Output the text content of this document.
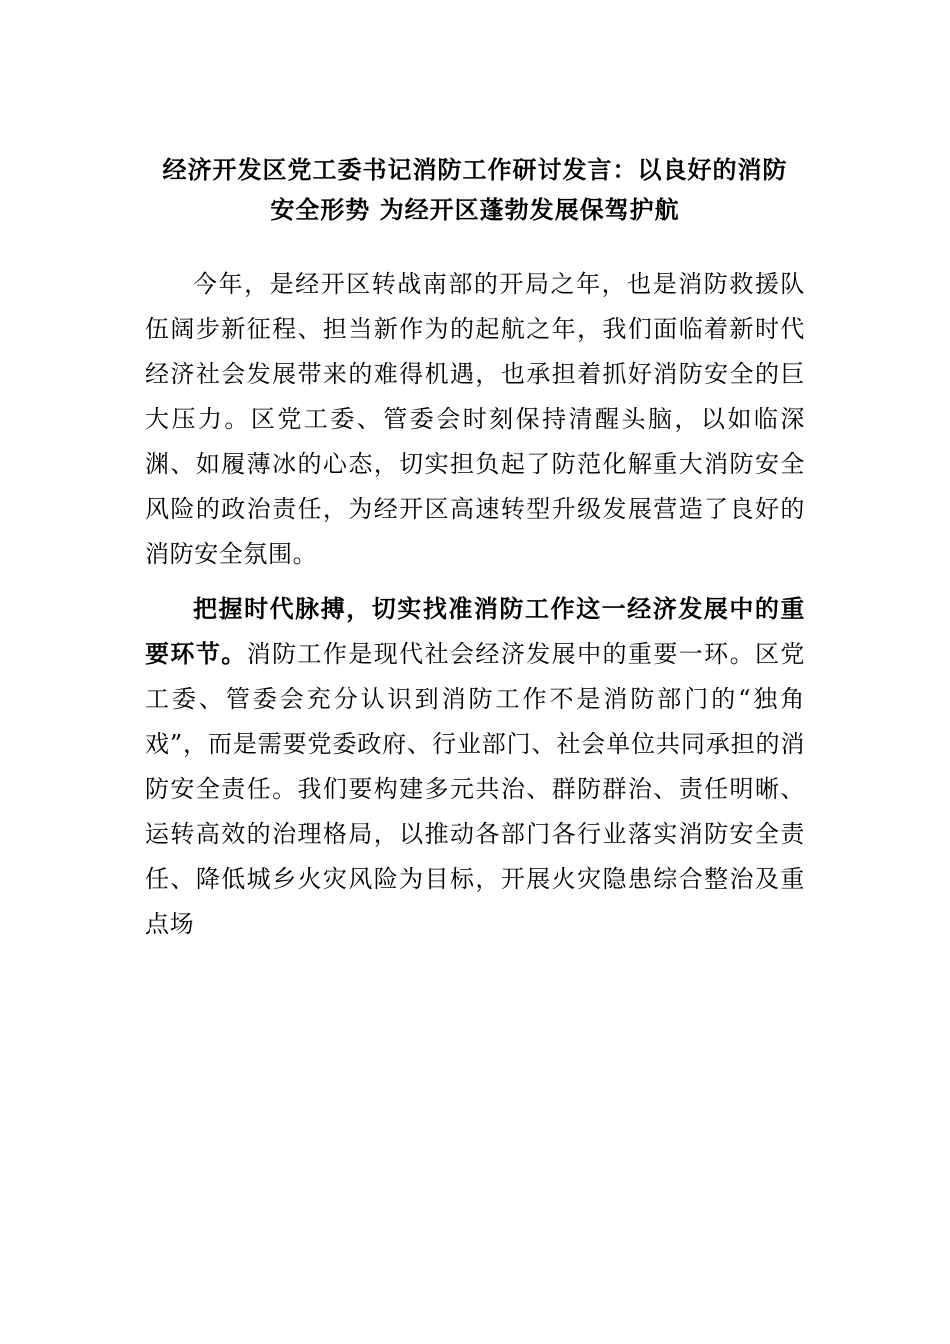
经济开发区党工委书记消防工作研讨发言：以良好的消防
安全形势 为经开区蓬勃发展保驾护航

今年，是经开区转战南部的开局之年，也是消防救援队伍阔步新征程、担当新作为的起航之年，我们面临着新时代经济社会发展带来的难得机遇，也承担着抓好消防安全的巨大压力。区党工委、管委会时刻保持清醒头脑，以如临深渊、如履薄冰的心态，切实担负起了防范化解重大消防安全风险的政治责任，为经开区高速转型升级发展营造了良好的消防安全氛围。

把握时代脉搏，切实找准消防工作这一经济发展中的重要环节。消防工作是现代社会经济发展中的重要一环。区党工委、管委会充分认识到消防工作不是消防部门的“独角戏”，而是需要党委政府、行业部门、社会单位共同承担的消防安全责任。我们要构建多元共治、群防群治、责任明晰、运转高效的治理格局，以推动各部门各行业落实消防安全责任、降低城乡火灾风险为目标，开展火灾隐患综合整治及重点场
